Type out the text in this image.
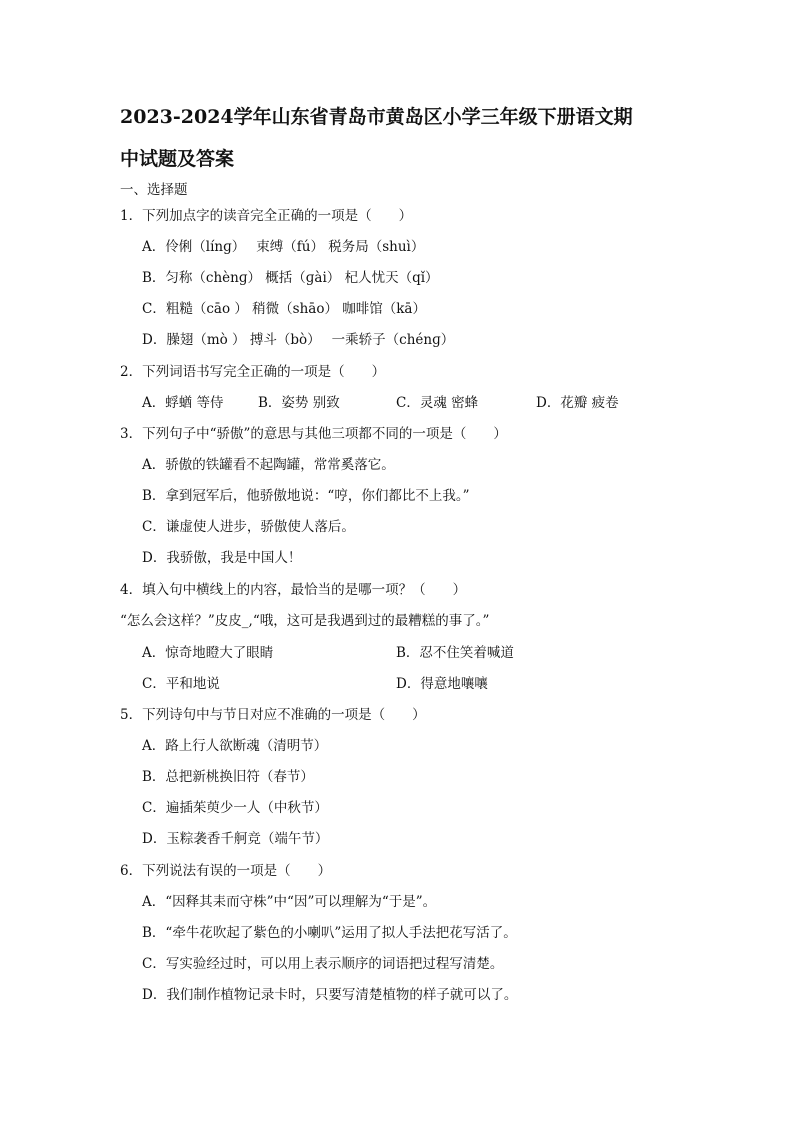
2023-2024学年山东省青岛市黄岛区小学三年级下册语文期
中试题及答案
一、选择题
1．下列加点字的读音完全正确的一项是（　　）
A．伶俐（línɡ）　 束缚（fú） 税务局（shuì）
B．匀称（chènɡ） 概括（ɡài） 杞人忧天（qǐ）
C．粗糙（cāo ） 稍微（shāo） 咖啡馆（kā）
D．臊翅（mò ） 搏斗（bò）　 一乘轿子（chénɡ）
2．下列词语书写完全正确的一项是（　　）
A．蜉蝤 等侍	B．姿势 别致	C．灵魂 密蜂	D．花瓣 疲卷
3．下列句子中“骄傲”的意思与其他三项都不同的一项是（　　）
A．骄傲的铁罐看不起陶罐，常常奚落它。
B．拿到冠军后，他骄傲地说：“哼，你们都比不上我。”
C．谦虚使人进步，骄傲使人落后。
D．我骄傲，我是中国人！
4．填入句中横线上的内容，最恰当的是哪一项？（　　）
“怎么会这样？”皮皮_,“哦，这可是我遇到过的最糟糕的事了。”
A．惊奇地瞪大了眼睛	B．忍不住笑着喊道
C．平和地说	D．得意地嚷嚷
5．下列诗句中与节日对应不准确的一项是（　　）
A．路上行人欲断魂（清明节）
B．总把新桃换旧符（春节）
C．遍插茱萸少一人（中秋节）
D．玉粽袭香千舸竞（端午节）
6．下列说法有误的一项是（　　）
A．“因释其耒而守株”中“因”可以理解为“于是”。
B．“牵牛花吹起了紫色的小喇叭”运用了拟人手法把花写活了。
C．写实验经过时，可以用上表示顺序的词语把过程写清楚。
D．我们制作植物记录卡时，只要写清楚植物的样子就可以了。
